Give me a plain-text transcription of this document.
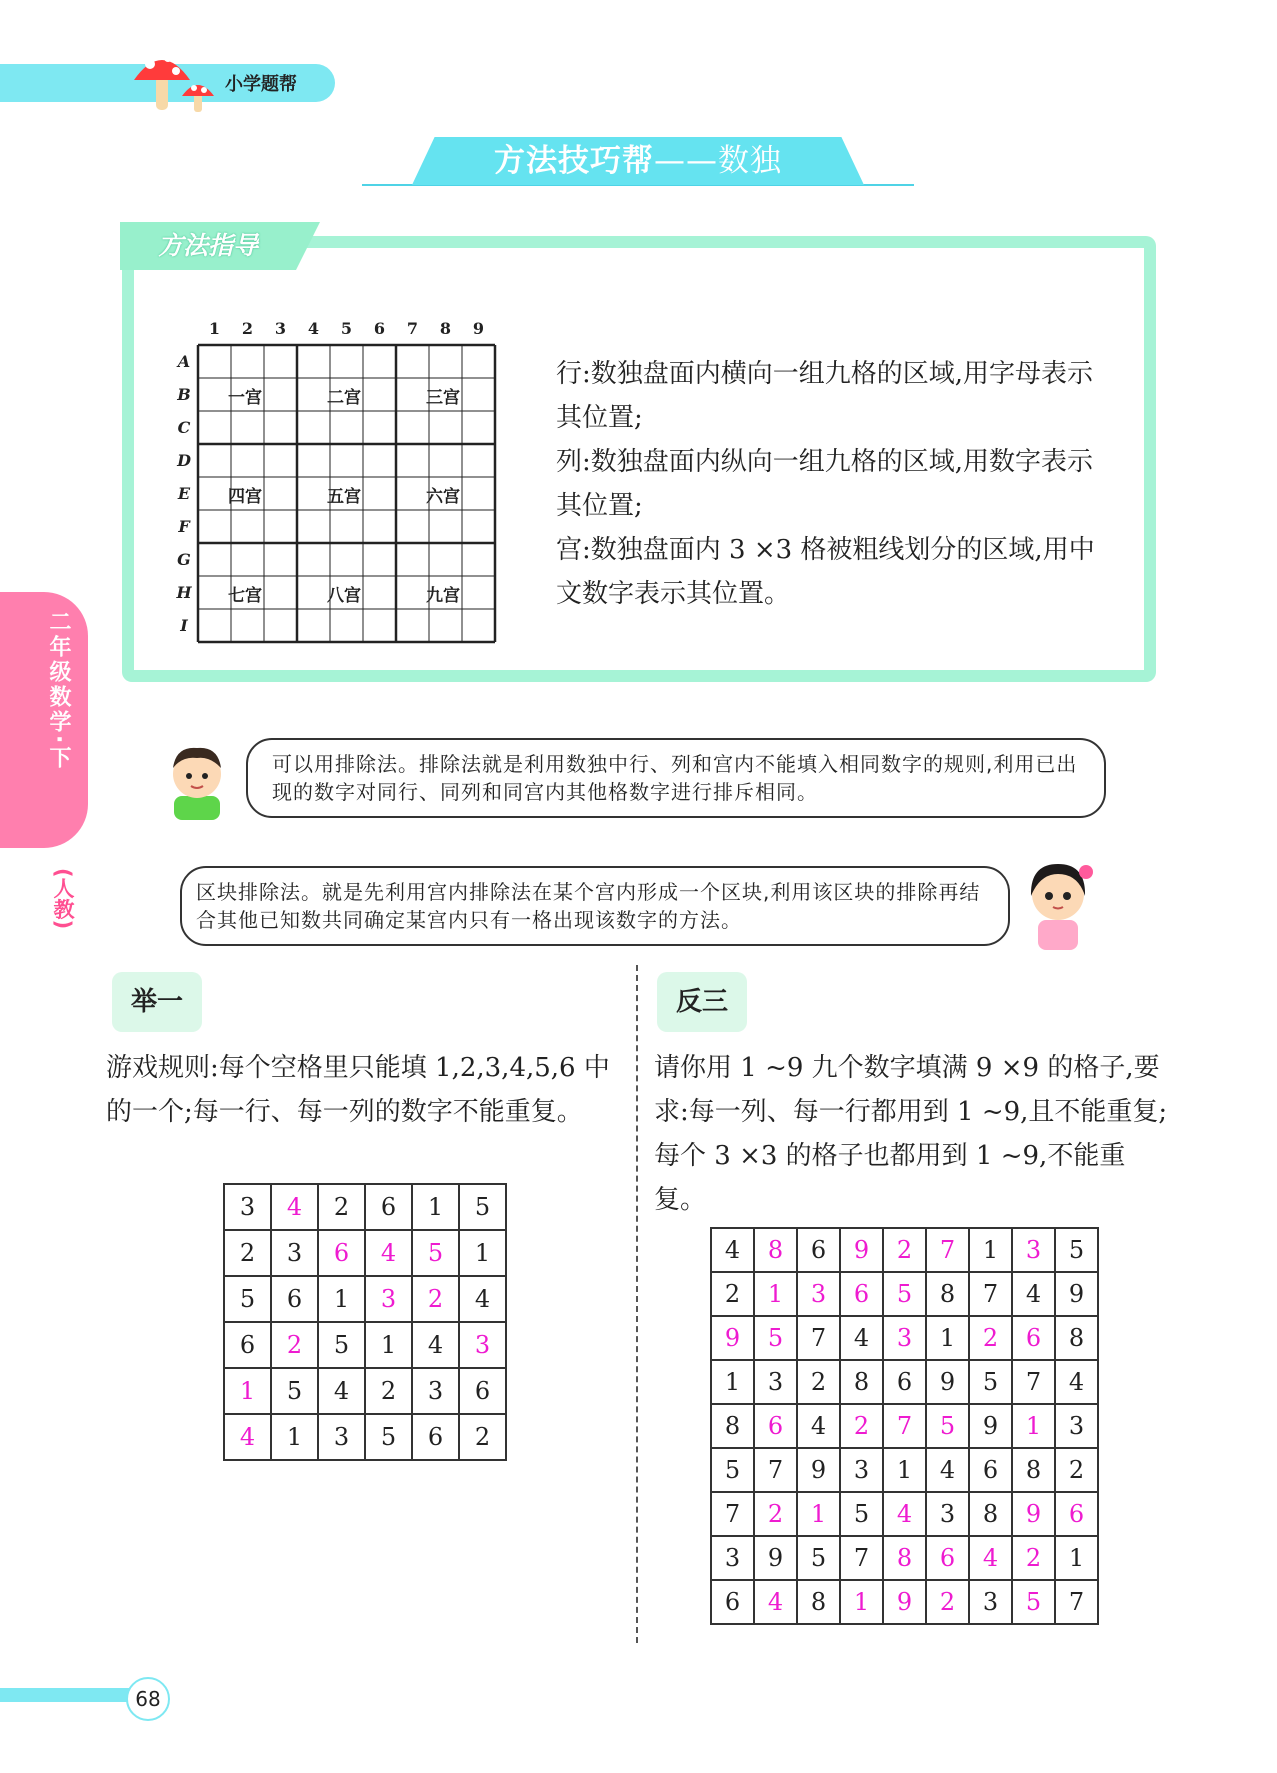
小学题帮
方法技巧帮——数独
方法指导
1 2 3 4 5 6 7 8 9
A
B
C
D
E
F
G
H
I
一宫	二宫	三宫
四宫	五宫	六宫
七宫	八宫	九宫
行:数独盘面内横向一组九格的区域,用字母表示其位置;
列:数独盘面内纵向一组九格的区域,用数字表示其位置;
宫:数独盘面内 3 ×3 格被粗线划分的区域,用中文数字表示其位置。
可以用排除法。排除法就是利用数独中行、列和宫内不能填入相同数字的规则,利用已出现的数字对同行、同列和同宫内其他格数字进行排斥相同。
区块排除法。就是先利用宫内排除法在某个宫内形成一个区块,利用该区块的排除再结合其他已知数共同确定某宫内只有一格出现该数字的方法。
二年级数学·下
(人教)
举一	反三
游戏规则:每个空格里只能填 1,2,3,4,5,6 中的一个;每一行、每一列的数字不能重复。
请你用 1 ~9 九个数字填满 9 ×9 的格子,要求:每一列、每一行都用到 1 ~9,且不能重复;每个 3 ×3 的格子也都用到 1 ~9,不能重复。
3	4	2	6	1	5
2	3	6	4	5	1
5	6	1	3	2	4
6	2	5	1	4	3
1	5	4	2	3	6
4	1	3	5	6	2
4	8	6	9	2	7	1	3	5
2	1	3	6	5	8	7	4	9
9	5	7	4	3	1	2	6	8
1	3	2	8	6	9	5	7	4
8	6	4	2	7	5	9	1	3
5	7	9	3	1	4	6	8	2
7	2	1	5	4	3	8	9	6
3	9	5	7	8	6	4	2	1
6	4	8	1	9	2	3	5	7
68
